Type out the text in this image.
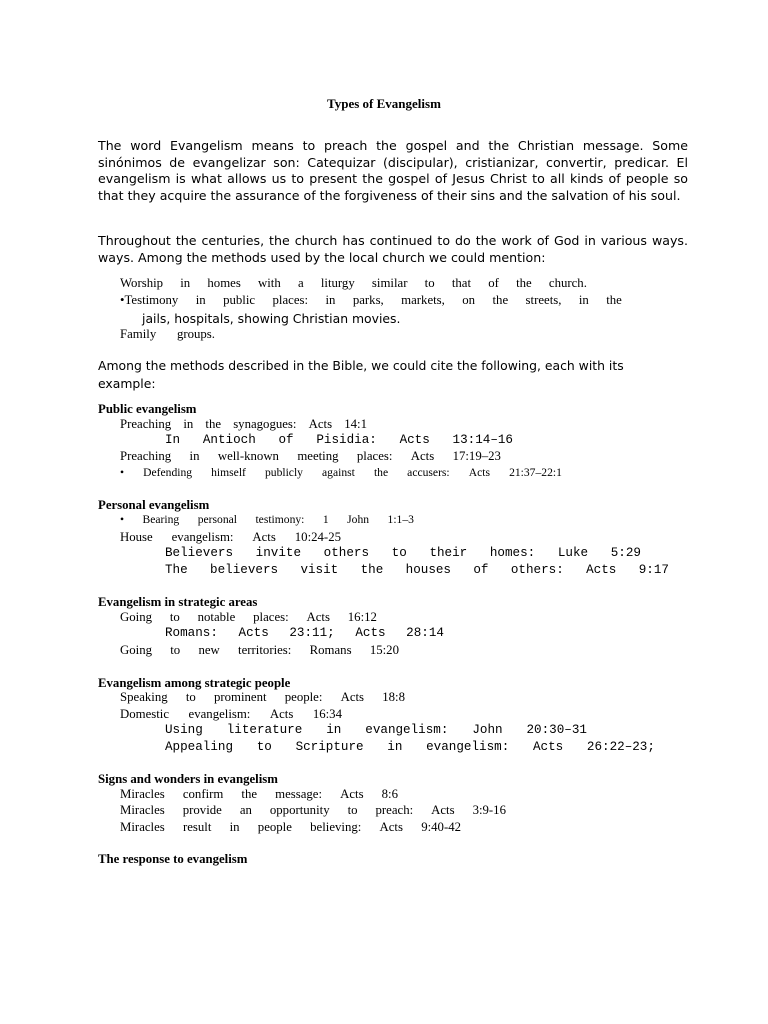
Types of Evangelism

The word Evangelism means to preach the gospel and the Christian message. Some sinónimos de evangelizar son: Catequizar (discipular), cristianizar, convertir, predicar. El evangelism is what allows us to present the gospel of Jesus Christ to all kinds of people so that they acquire the assurance of the forgiveness of their sins and the salvation of his soul.

Throughout the centuries, the church has continued to do the work of God in various ways. ways. Among the methods used by the local church we could mention:

Worship in homes with a liturgy similar to that of the church.
•Testimony in public places: in parks, markets, on the streets, in the
jails, hospitals, showing Christian movies.
Family groups.
Among the methods described in the Bible, we could cite the following, each with its
example:
Public evangelism
Preaching in the synagogues: Acts 14:1
In Antioch of Pisidia: Acts 13:14–16
Preaching in well-known meeting places: Acts 17:19–23
• Defending himself publicly against the accusers: Acts 21:37–22:1
Personal evangelism
• Bearing personal testimony: 1 John 1:1–3
House evangelism: Acts 10:24-25
Believers invite others to their homes: Luke 5:29
The believers visit the houses of others: Acts 9:17
Evangelism in strategic areas
Going to notable places: Acts 16:12
Romans: Acts 23:11; Acts 28:14
Going to new territories: Romans 15:20
Evangelism among strategic people
Speaking to prominent people: Acts 18:8
Domestic evangelism: Acts 16:34
Using literature in evangelism: John 20:30–31
Appealing to Scripture in evangelism: Acts 26:22–23;
Signs and wonders in evangelism
Miracles confirm the message: Acts 8:6
Miracles provide an opportunity to preach: Acts 3:9-16
Miracles result in people believing: Acts 9:40-42
The response to evangelism
